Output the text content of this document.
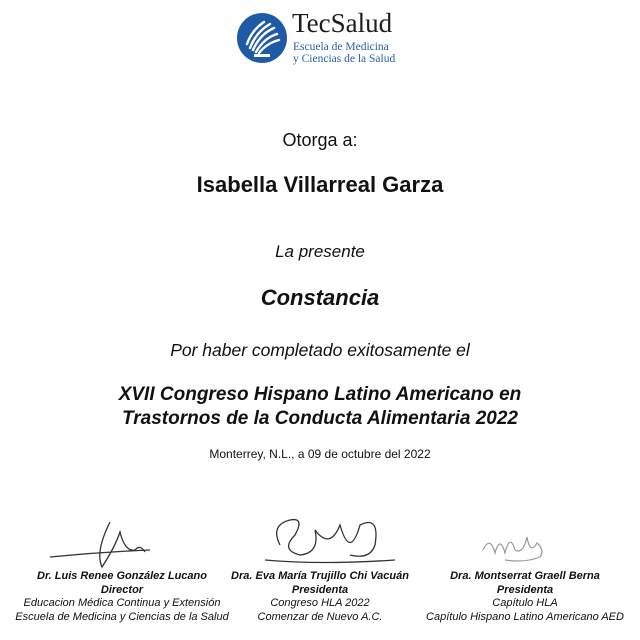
TecSalud
Escuela de Medicina
y Ciencias de la Salud
Otorga a:
Isabella Villarreal Garza
La presente
Constancia
Por haber completado exitosamente el
XVII Congreso Hispano Latino Americano en
Trastornos de la Conducta Alimentaria 2022
Monterrey, N.L., a 09 de octubre del 2022
Dr. Luis Renee González Lucano
Director
Educacion Médica Continua y Extensión
Escuela de Medicina y Ciencias de la Salud
Dra. Eva María Trujillo Chi Vacuán
Presidenta
Congreso HLA 2022
Comenzar de Nuevo A.C.
Dra. Montserrat Graell Berna
Presidenta
Capítulo HLA
Capítulo Hispano Latino Americano AED
